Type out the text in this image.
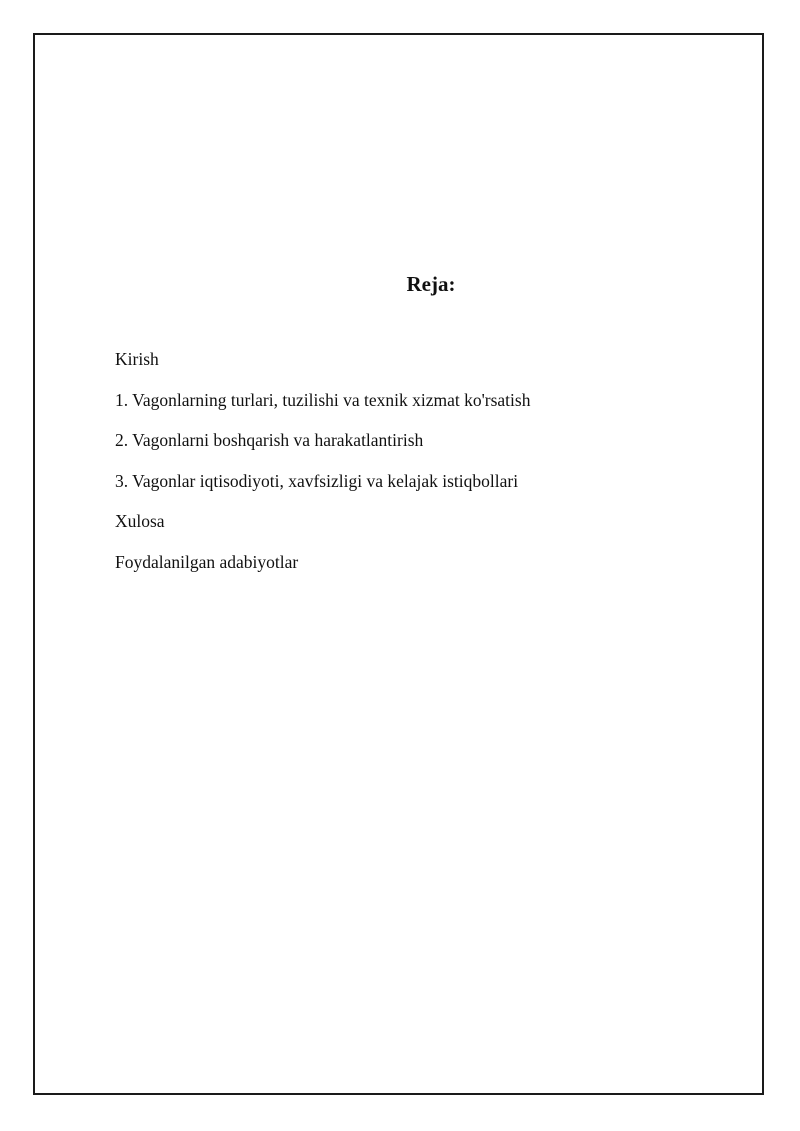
Reja:
Kirish
1. Vagonlarning turlari, tuzilishi va texnik xizmat ko'rsatish
2. Vagonlarni boshqarish va harakatlantirish
3. Vagonlar iqtisodiyoti, xavfsizligi va kelajak istiqbollari
Xulosa
Foydalanilgan adabiyotlar
